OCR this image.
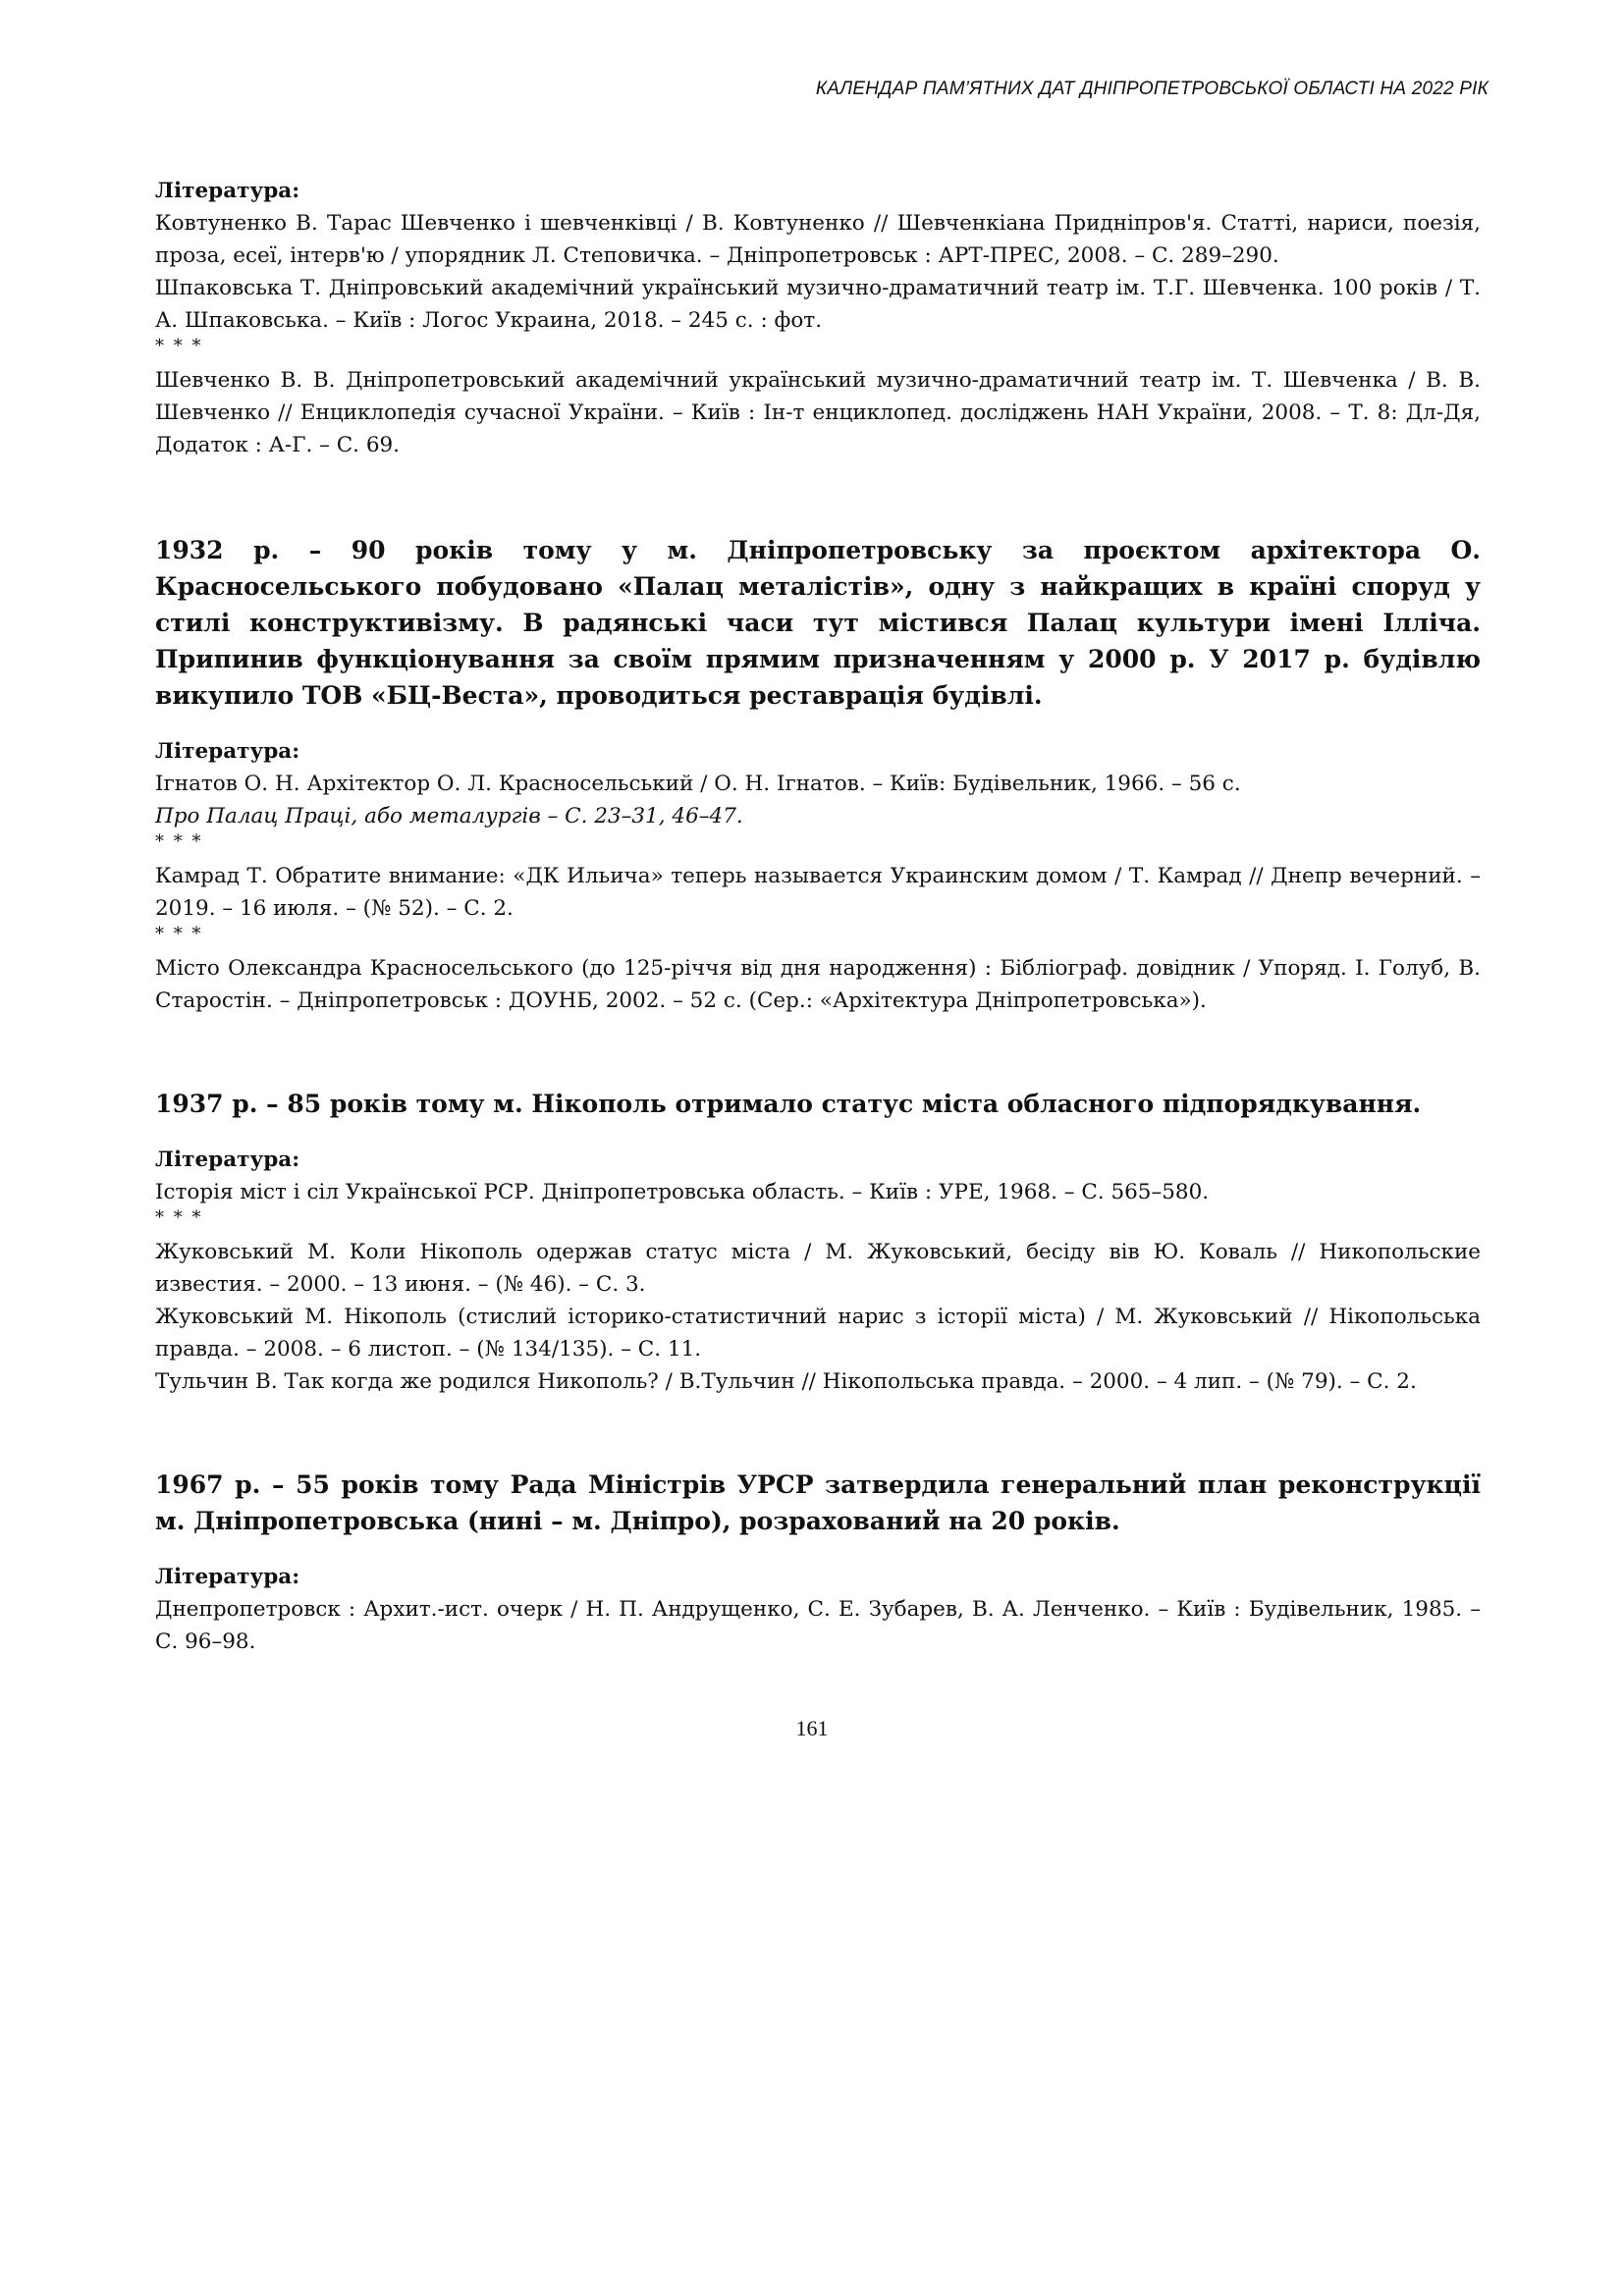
КАЛЕНДАР ПАМ’ЯТНИХ ДАТ ДНІПРОПЕТРОВСЬКОЇ ОБЛАСТІ НА 2022 РІК
Література:

Ковтуненко В. Тарас Шевченко і шевченківці / В. Ковтуненко // Шевченкіана Придніпров'я. Статті, нариси, поезія, проза, есеї, інтерв'ю / упорядник Л. Степовичка. – Дніпропетровськ : АРТ-ПРЕС, 2008. – С. 289–290.

Шпаковська Т. Дніпровський академічний український музично-драматичний театр ім. Т.Г. Шевченка. 100 років / Т. А. Шпаковська. – Київ : Логос Украина, 2018. – 245 с. : фот.

* * *

Шевченко В. В. Дніпропетровський академічний український музично-драматичний театр ім. Т. Шевченка / В. В. Шевченко // Енциклопедія сучасної України. – Київ : Ін-т енциклопед. досліджень НАН України, 2008. – Т. 8: Дл-Дя, Додаток : А-Г. – С. 69.

1932 р. – 90 років тому у м. Дніпропетровську за проєктом архітектора О. Красносельського побудовано «Палац металістів», одну з найкращих в країні споруд у стилі конструктивізму. В радянські часи тут містився Палац культури імені Ілліча. Припинив функціонування за своїм прямим призначенням у 2000 р. У 2017 р. будівлю викупило ТОВ «БЦ-Веста», проводиться реставрація будівлі.

Література:

Ігнатов О. Н. Архітектор О. Л. Красносельський / О. Н. Ігнатов. – Київ: Будівельник, 1966. – 56 с.

Про Палац Праці, або металургів – С. 23–31, 46–47.

* * *

Камрад Т. Обратите внимание: «ДК Ильича» теперь называется Украинским домом / Т. Камрад // Днепр вечерний. – 2019. – 16 июля. – (№ 52). – С. 2.

* * *

Місто Олександра Красносельського (до 125-річчя від дня народження) : Бібліограф. довідник / Упоряд. І. Голуб, В. Старостін. – Дніпропетровськ : ДОУНБ, 2002. – 52 с. (Сер.: «Архітектура Дніпропетровська»).

1937 р. – 85 років тому м. Нікополь отримало статус міста обласного підпорядкування.

Література:

Історія міст і сіл Української РСР. Дніпропетровська область. – Київ : УРЕ, 1968. – С. 565–580.

* * *

Жуковський М. Коли Нікополь одержав статус міста / М. Жуковський, бесіду вів Ю. Коваль // Никопольские известия. – 2000. – 13 июня. – (№ 46). – С. 3.

Жуковський М. Нікополь (стислий історико-статистичний нарис з історії міста) / М. Жуковський // Нікопольська правда. – 2008. – 6 листоп. – (№ 134/135). – С. 11.

Тульчин В. Так когда же родился Никополь? / В.Тульчин // Нікопольська правда. – 2000. – 4 лип. – (№ 79). – С. 2.

1967 р. – 55 років тому Рада Міністрів УРСР затвердила генеральний план реконструкції м. Дніпропетровська (нині – м. Дніпро), розрахований на 20 років.

Література:

Днепропетровск : Архит.-ист. очерк / Н. П. Андрущенко, С. Е. Зубарев, В. А. Ленченко. – Київ : Будівельник, 1985. – С. 96–98.

161
